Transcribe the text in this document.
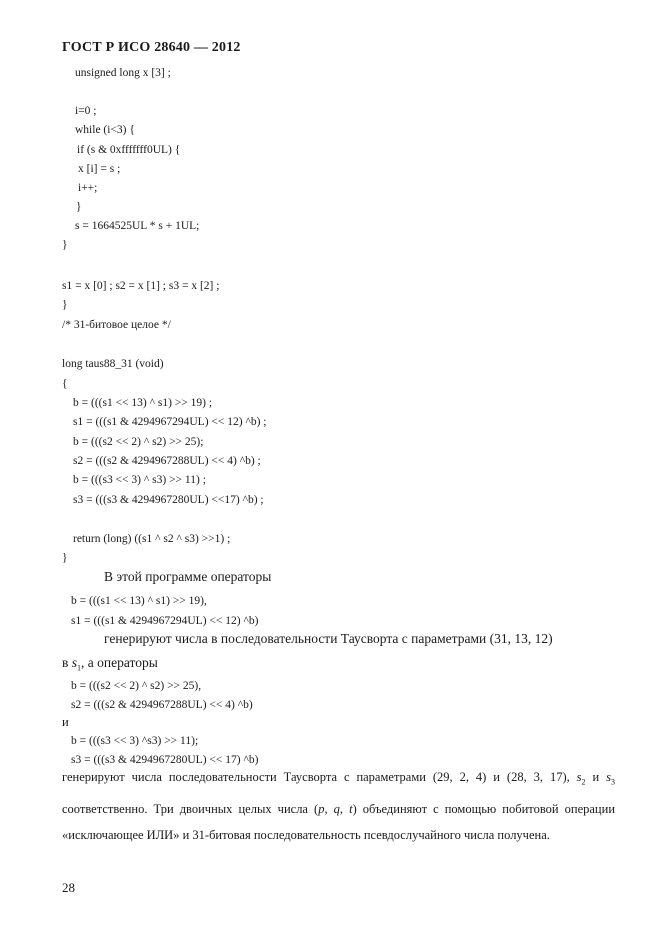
ГОСТ Р ИСО 28640 — 2012
unsigned long x [3] ;
i=0 ;
while (i<3) {
if (s & 0xfffffff0UL) {
x [i] = s ;
i++;
}
s = 1664525UL * s + 1UL;
}
s1 = x [0] ; s2 = x [1] ; s3 = x [2] ;
}
/* 31-битовое целое */
long taus88_31 (void)
{
b = (((s1 << 13) ^ s1) >> 19) ;
s1 = (((s1 & 4294967294UL) << 12) ^b) ;
b = (((s2 << 2) ^ s2) >> 25);
s2 = (((s2 & 4294967288UL) << 4) ^b) ;
b = (((s3 << 3) ^ s3) >> 11) ;
s3 = (((s3 & 4294967280UL) <<17) ^b) ;
return (long) ((s1 ^ s2 ^ s3) >>1) ;
}
В этой программе операторы
b = (((s1 << 13) ^ s1) >> 19),
s1 = (((s1 & 4294967294UL) << 12) ^b)
генерируют числа в последовательности Таусворта с параметрами (31, 13, 12)
в $s_1$, а операторы
b = (((s2 << 2) ^ s2) >> 25),
s2 = (((s2 & 4294967288UL) << 4) ^b)
и
b = (((s3 << 3) ^s3) >> 11);
s3 = (((s3 & 4294967280UL) << 17) ^b)

генерируют числа последовательности Таусворта с параметрами (29, 2, 4) и (28, 3, 17), $s_2$ и $s_3$ соответственно. Три двоичных целых числа (p, q, t) объединяют с помощью побитовой операции «исключающее ИЛИ» и 31-битовая последовательность псевдослучайного числа получена.

28
